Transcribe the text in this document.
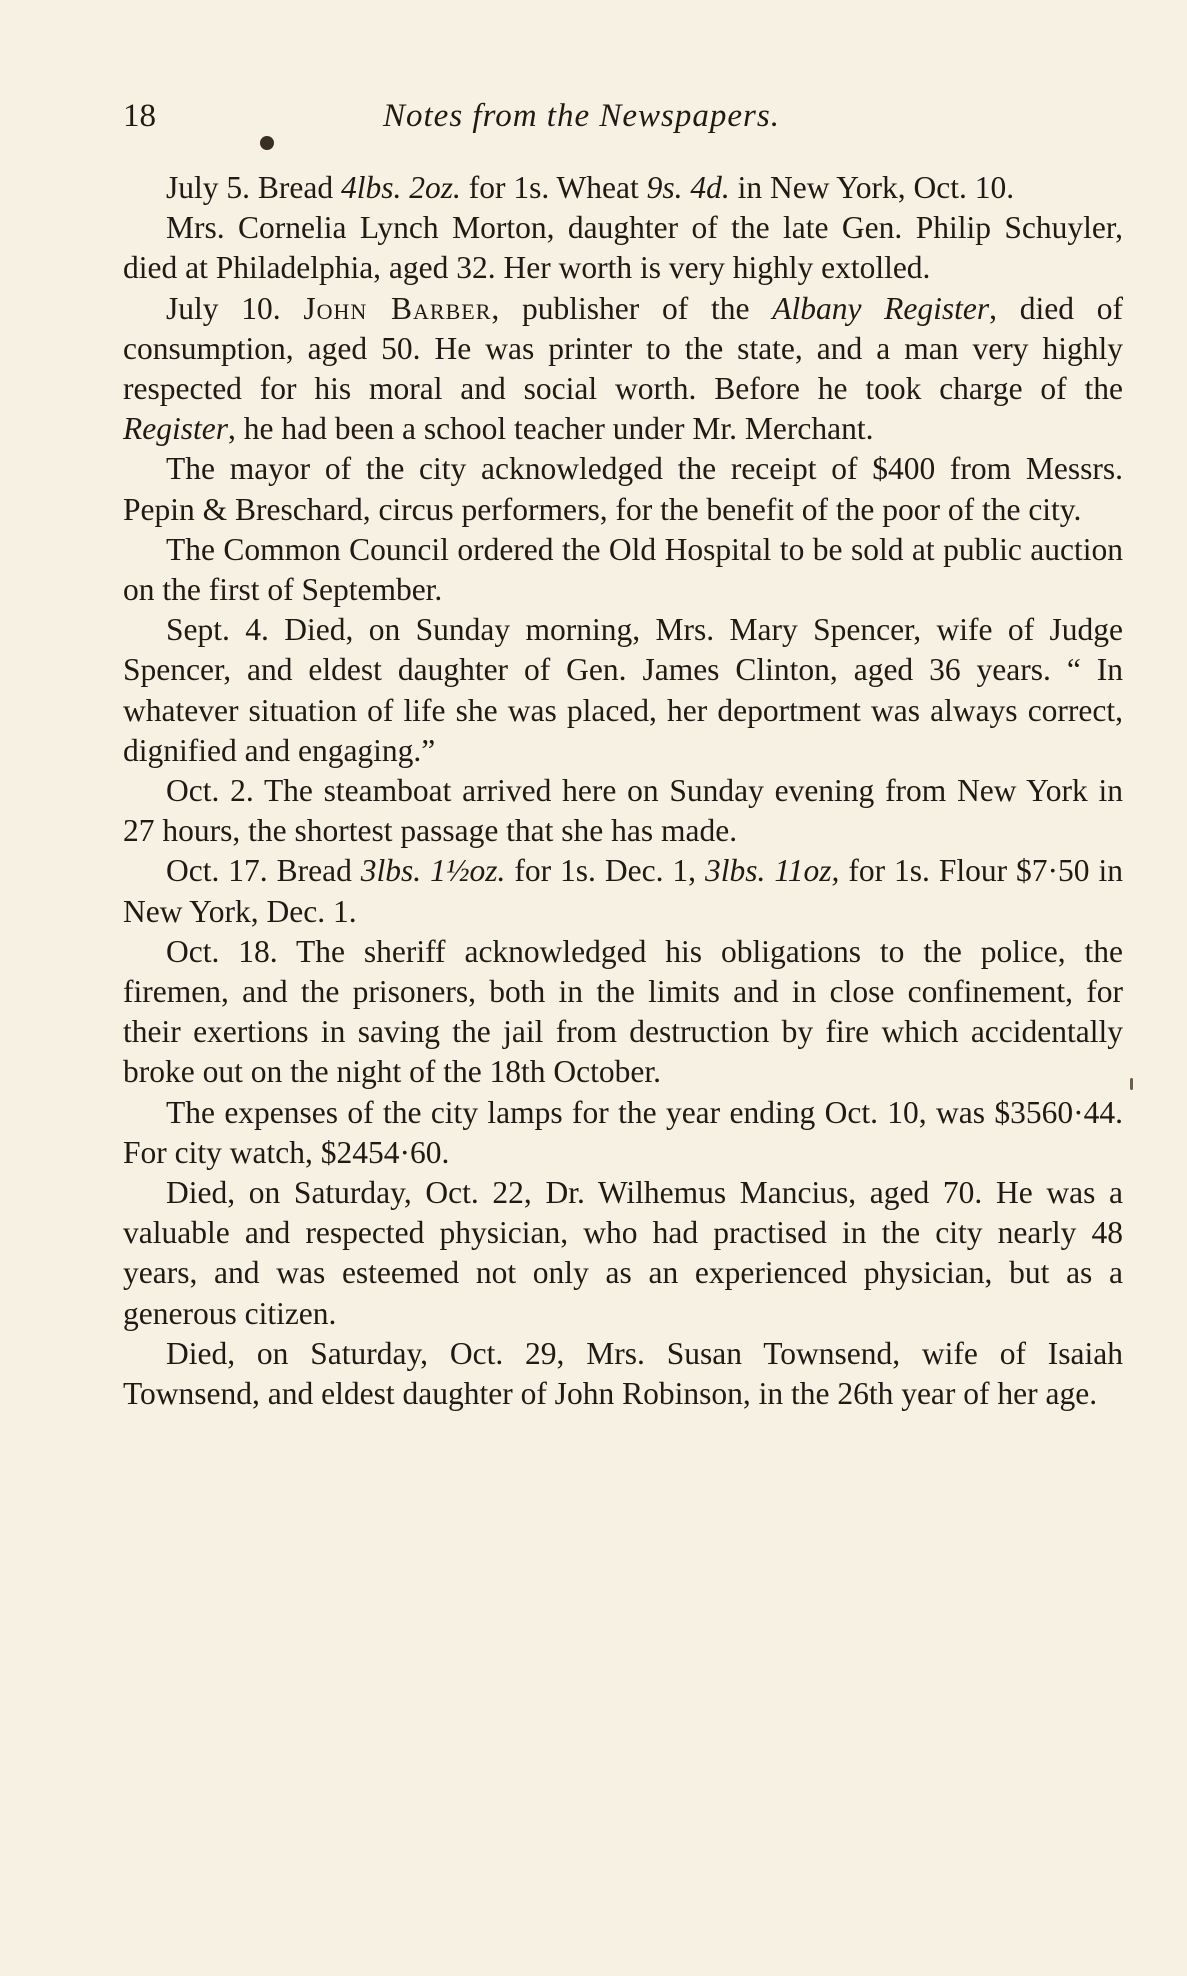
18	Notes from the Newspapers.

July 5. Bread 4lbs. 2oz. for 1s. Wheat 9s. 4d. in New York, Oct. 10.

Mrs. Cornelia Lynch Morton, daughter of the late Gen. Philip Schuyler, died at Philadelphia, aged 32. Her worth is very highly extolled.

July 10. John Barber, publisher of the Albany Register, died of consumption, aged 50. He was printer to the state, and a man very highly respected for his moral and social worth. Before he took charge of the Register, he had been a school teacher under Mr. Merchant.

The mayor of the city acknowledged the receipt of $400 from Messrs. Pepin & Breschard, circus performers, for the benefit of the poor of the city.

The Common Council ordered the Old Hospital to be sold at public auction on the first of September.

Sept. 4. Died, on Sunday morning, Mrs. Mary Spencer, wife of Judge Spencer, and eldest daughter of Gen. James Clinton, aged 36 years. “ In whatever situation of life she was placed, her deportment was always correct, dignified and engaging.”

Oct. 2. The steamboat arrived here on Sunday evening from New York in 27 hours, the shortest passage that she has made.

Oct. 17. Bread 3lbs. 1½oz. for 1s. Dec. 1, 3lbs. 11oz, for 1s. Flour $7·50 in New York, Dec. 1.

Oct. 18. The sheriff acknowledged his obligations to the police, the firemen, and the prisoners, both in the limits and in close confinement, for their exertions in saving the jail from destruction by fire which accidentally broke out on the night of the 18th October.

The expenses of the city lamps for the year ending Oct. 10, was $3560·44. For city watch, $2454·60.

Died, on Saturday, Oct. 22, Dr. Wilhemus Mancius, aged 70. He was a valuable and respected physician, who had practised in the city nearly 48 years, and was esteemed not only as an experienced physician, but as a generous citizen.

Died, on Saturday, Oct. 29, Mrs. Susan Townsend, wife of Isaiah Townsend, and eldest daughter of John Robinson, in the 26th year of her age.
